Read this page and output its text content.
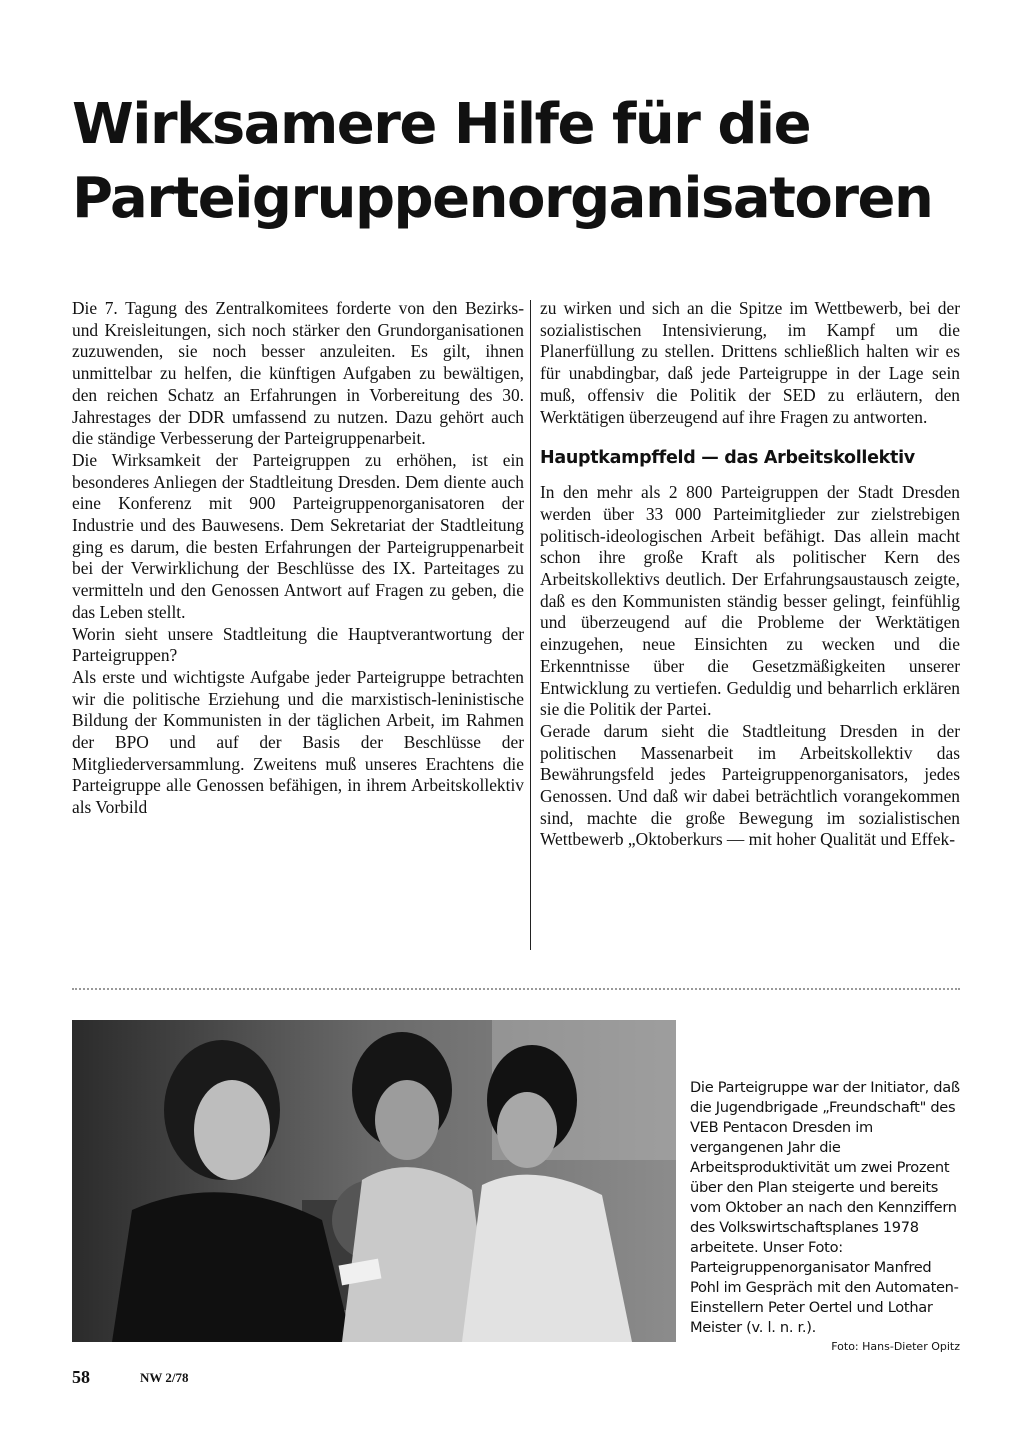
Wirksamere Hilfe für die
Parteigruppenorganisatoren

Die 7. Tagung des Zentralkomitees forderte von den Bezirks- und Kreisleitungen, sich noch stärker den Grundorganisationen zuzuwenden, sie noch besser anzuleiten. Es gilt, ihnen unmittelbar zu helfen, die künftigen Aufgaben zu bewältigen, den reichen Schatz an Erfahrungen in Vorbereitung des 30. Jahrestages der DDR umfassend zu nutzen. Dazu gehört auch die ständige Verbesserung der Parteigruppenarbeit.

Die Wirksamkeit der Parteigruppen zu erhöhen, ist ein besonderes Anliegen der Stadtleitung Dresden. Dem diente auch eine Konferenz mit 900 Parteigruppenorganisatoren der Industrie und des Bauwesens. Dem Sekretariat der Stadtleitung ging es darum, die besten Erfahrungen der Parteigruppenarbeit bei der Verwirklichung der Beschlüsse des IX. Parteitages zu vermitteln und den Genossen Antwort auf Fragen zu geben, die das Leben stellt.

Worin sieht unsere Stadtleitung die Hauptverantwortung der Parteigruppen?

Als erste und wichtigste Aufgabe jeder Parteigruppe betrachten wir die politische Erziehung und die marxistisch-leninistische Bildung der Kommunisten in der täglichen Arbeit, im Rahmen der BPO und auf der Basis der Beschlüsse der Mitgliederversammlung. Zweitens muß unseres Erachtens die Parteigruppe alle Genossen befähigen, in ihrem Arbeitskollektiv als Vorbild

zu wirken und sich an die Spitze im Wettbewerb, bei der sozialistischen Intensivierung, im Kampf um die Planerfüllung zu stellen. Drittens schließlich halten wir es für unabdingbar, daß jede Parteigruppe in der Lage sein muß, offensiv die Politik der SED zu erläutern, den Werktätigen überzeugend auf ihre Fragen zu antworten.

Hauptkampffeld — das Arbeitskollektiv

In den mehr als 2 800 Parteigruppen der Stadt Dresden werden über 33 000 Parteimitglieder zur zielstrebigen politisch-ideologischen Arbeit befähigt. Das allein macht schon ihre große Kraft als politischer Kern des Arbeitskollektivs deutlich. Der Erfahrungsaustausch zeigte, daß es den Kommunisten ständig besser gelingt, feinfühlig und überzeugend auf die Probleme der Werktätigen einzugehen, neue Einsichten zu wecken und die Erkenntnisse über die Gesetzmäßigkeiten unserer Entwicklung zu vertiefen. Geduldig und beharrlich erklären sie die Politik der Partei.

Gerade darum sieht die Stadtleitung Dresden in der politischen Massenarbeit im Arbeitskollektiv das Bewährungsfeld jedes Parteigruppenorganisators, jedes Genossen. Und daß wir dabei beträchtlich vorangekommen sind, machte die große Bewegung im sozialistischen Wettbewerb „Oktoberkurs — mit hoher Qualität und Effek-

Die Parteigruppe war der Initiator, daß die Jugendbrigade „Freundschaft" des VEB Pentacon Dresden im vergangenen Jahr die Arbeitsproduktivität um zwei Prozent über den Plan steigerte und bereits vom Oktober an nach den Kennziffern des Volkswirtschaftsplanes 1978 arbeitete. Unser Foto: Parteigruppenorganisator Manfred Pohl im Gespräch mit den Automaten-Einstellern Peter Oertel und Lothar Meister (v. l. n. r.).

Foto: Hans-Dieter Opitz
58	NW 2/78
